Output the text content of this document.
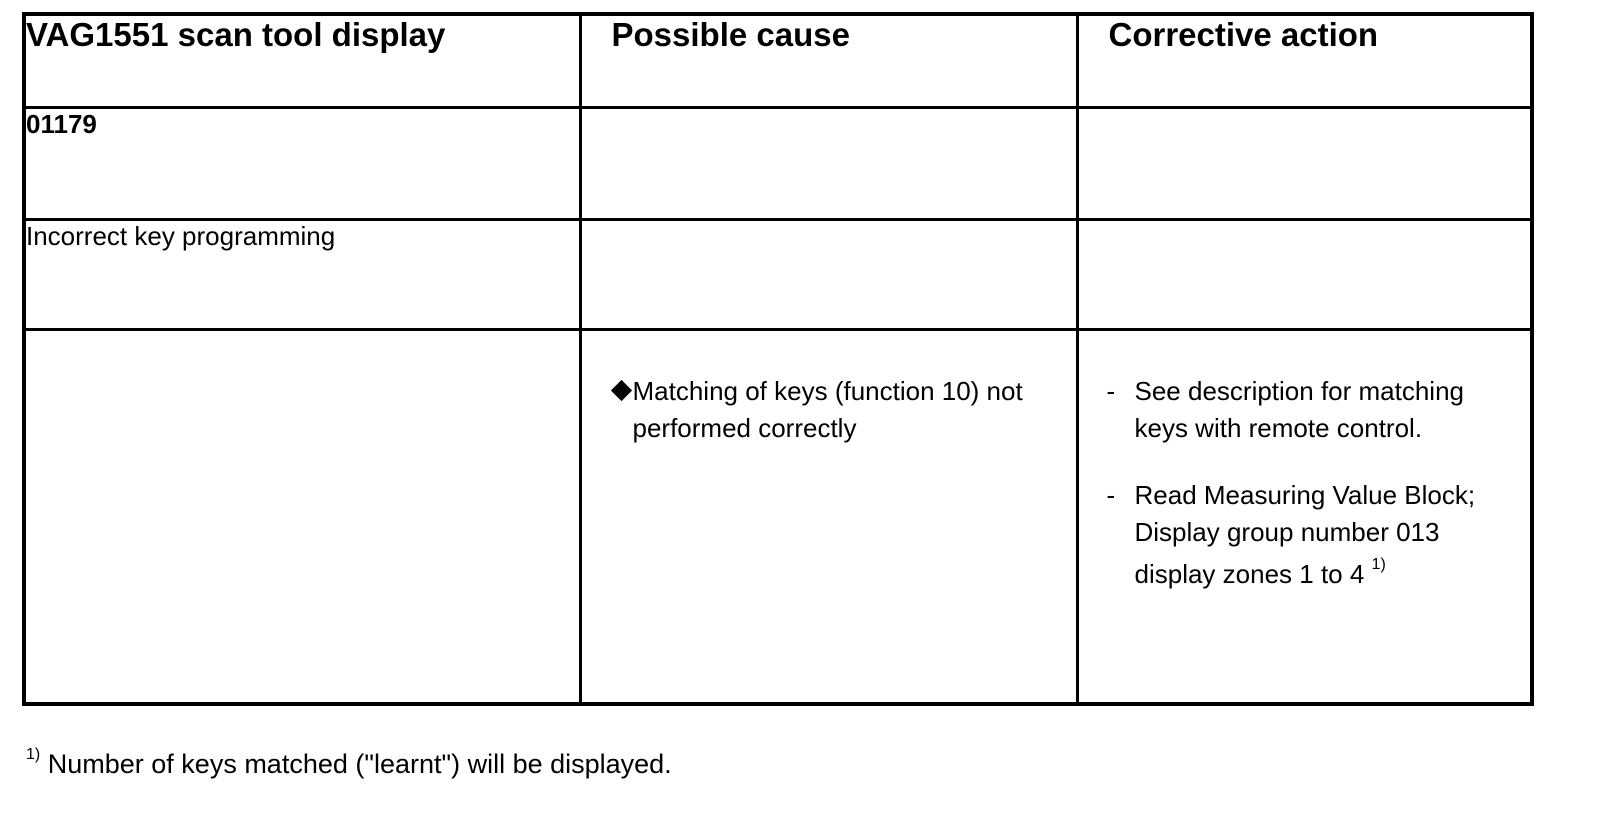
VAG1551 scan tool display	Possible cause	Corrective action
01179		
Incorrect key programming		

	Matching of keys (function 10) not performed correctly	- See description for matching keys with remote control.
- Read Measuring Value Block; Display group number 013
display zones 1 to 4 $^{1)}$
$^{1)}$ Number of keys matched ("learnt") will be displayed.
